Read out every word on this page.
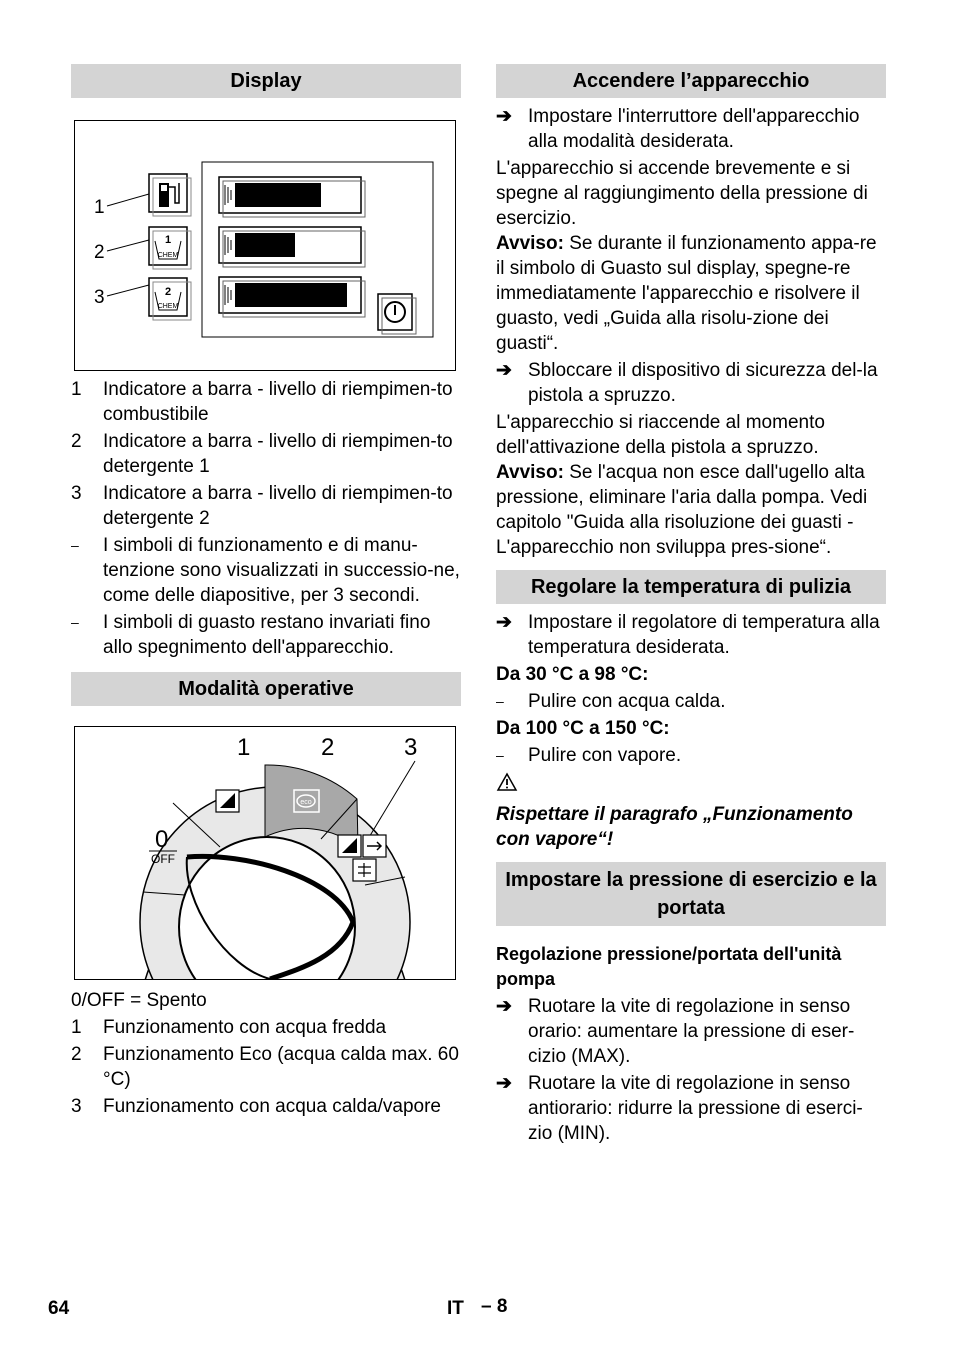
Display
1
2
3
1
CHEM
2
CHEM
1	Indicatore a barra - livello di riempimen-to combustibile
2	Indicatore a barra - livello di riempimen-to detergente 1
3	Indicatore a barra - livello di riempimen-to detergente 2
–	I simboli di funzionamento e di manu-tenzione sono visualizzati in successio-ne, come delle diapositive, per 3 secondi.
–	I simboli di guasto restano invariati fino allo spegnimento dell'apparecchio.
Modalità operative
1	2	3
0
OFF
eco

0/OFF = Spento

1	Funzionamento con acqua fredda
2	Funzionamento Eco (acqua calda max. 60 °C)
3	Funzionamento con acqua calda/vapore
Accendere l’apparecchio
➔ Impostare l'interruttore dell'apparecchio alla modalità desiderata.

L'apparecchio si accende brevemente e si spegne al raggiungimento della pressione di esercizio.

Avviso: Se durante il funzionamento appa-re il simbolo di Guasto sul display, spegne-re immediatamente l'apparecchio e risolvere il guasto, vedi „Guida alla risolu-zione dei guasti“.

➔ Sbloccare il dispositivo di sicurezza del-la pistola a spruzzo.

L'apparecchio si riaccende al momento dell'attivazione della pistola a spruzzo.

Avviso: Se l'acqua non esce dall'ugello alta pressione, eliminare l'aria dalla pompa. Vedi capitolo "Guida alla risoluzione dei guasti - L'apparecchio non sviluppa pres-sione“.

Regolare la temperatura di pulizia
➔ Impostare il regolatore di temperatura alla temperatura desiderata.

Da 30 °C a 98 °C:

–	Pulire con acqua calda.

Da 100 °C a 150 °C:

–	Pulire con vapore.

Rispettare il paragrafo „Funzionamento con vapore“!

Impostare la pressione di esercizio e la portata

Regolazione pressione/portata dell'unità pompa

➔ Ruotare la vite di regolazione in senso orario: aumentare la pressione di eser-cizio (MAX).
➔ Ruotare la vite di regolazione in senso antiorario: ridurre la pressione di eserci-zio (MIN).
64	IT – 8
